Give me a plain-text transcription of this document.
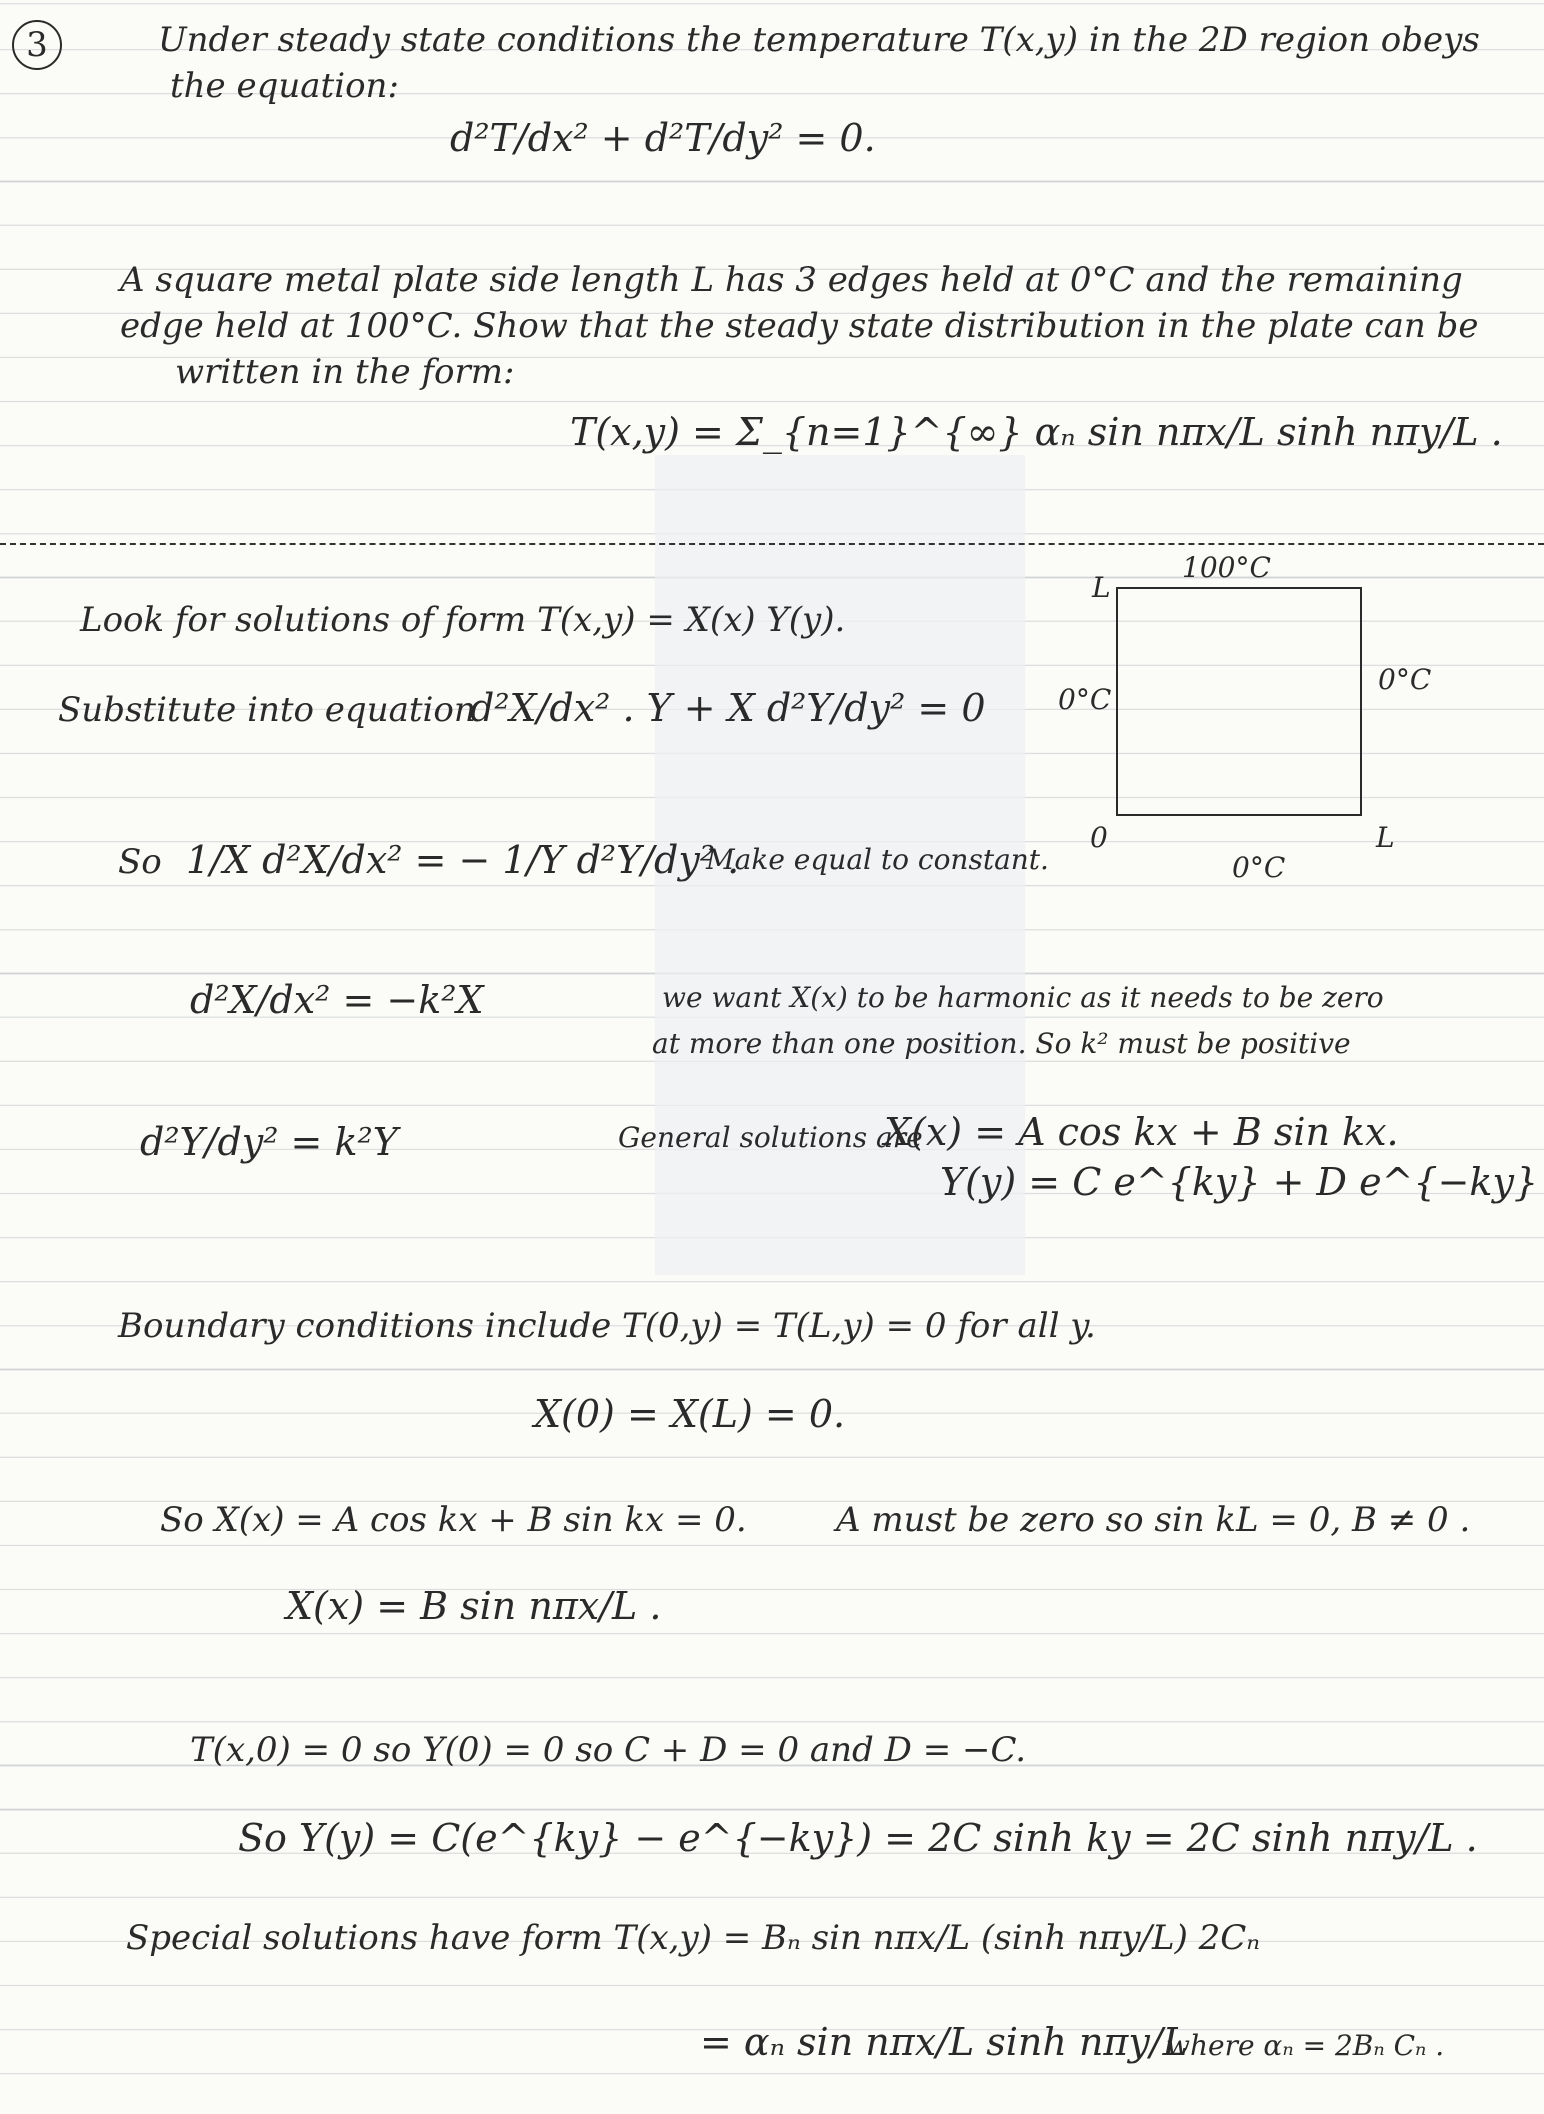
3	Under steady state conditions the temperature T(x,y) in the 2D region obeys
the equation:
d²T/dx² + d²T/dy² = 0.
A square metal plate side length L has 3 edges held at 0°C and the remaining
edge held at 100°C. Show that the steady state distribution in the plate can be
written in the form:
T(x,y) = Σ_{n=1}^{∞} αₙ sin nπx/L sinh nπy/L .
100°C
0°C
0°C
0°C
L
0	L
Look for solutions of form T(x,y) = X(x) Y(y).
Substitute into equation
d²X/dx² . Y + X d²Y/dy² = 0
So 1/X d²X/dx² = − 1/Y d²Y/dy² .
Make equal to constant.
d²X/dx² = −k²X
d²Y/dy² = k²Y
we want X(x) to be harmonic as it needs to be zero
at more than one position. So k² must be positive
General solutions are
X(x) = A cos kx + B sin kx.
Y(y) = C e^{ky} + D e^{−ky}
Boundary conditions include T(0,y) = T(L,y) = 0 for all y.
X(0) = X(L) = 0.
So X(x) = A cos kx + B sin kx = 0.	A must be zero so sin kL = 0, B ≠ 0 .
X(x) = B sin nπx/L .
T(x,0) = 0 so Y(0) = 0 so C + D = 0 and D = −C.
So Y(y) = C(e^{ky} − e^{−ky}) = 2C sinh ky = 2C sinh nπy/L .
Special solutions have form T(x,y) = Bₙ sin nπx/L (sinh nπy/L) 2Cₙ
= αₙ sin nπx/L sinh nπy/L
where αₙ = 2Bₙ Cₙ .
